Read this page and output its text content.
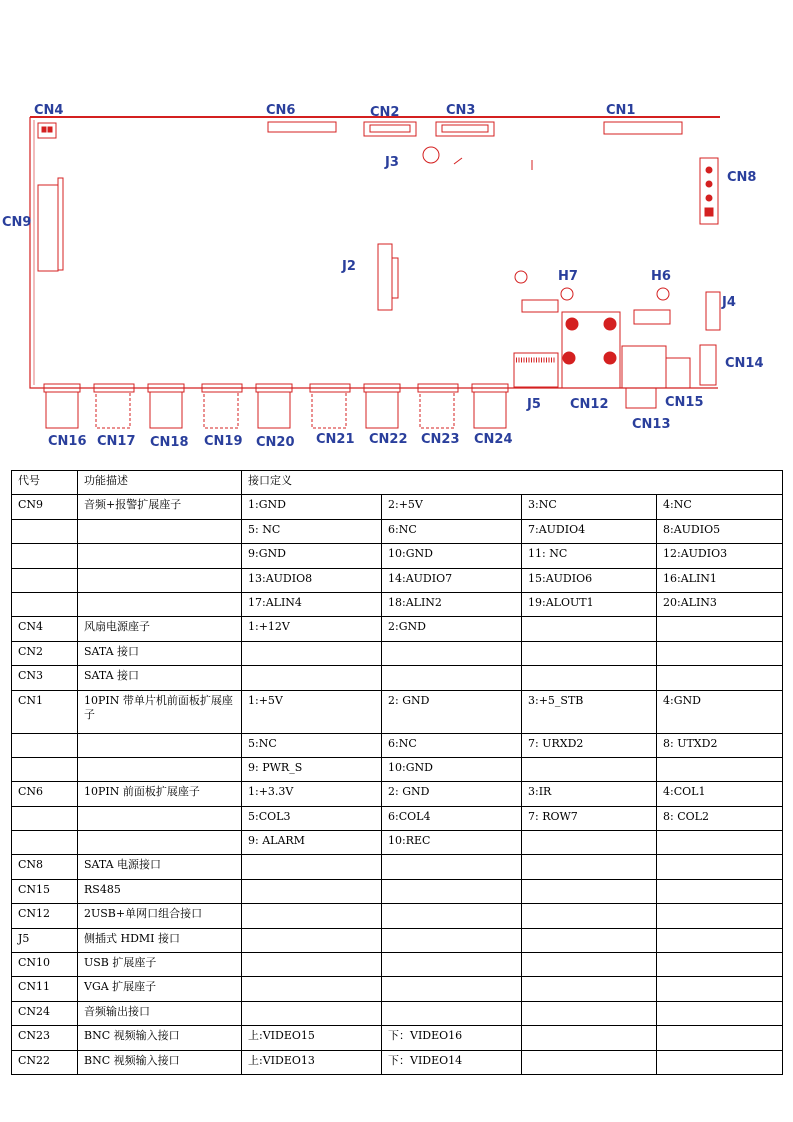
CN4	CN6	CN2	CN3	CN1
J3
CN8
CN9
J2
H7	H6
J4
CN14
J5 CN12	CN15
CN13
CN16 CN17 CN18 CN19 CN20 CN21 CN22 CN23 CN24
代号	功能描述	接口定义			
CN9	音频+报警扩展座子	1:GND	2:+5V	3:NC	4:NC
		5: NC	6:NC	7:AUDIO4	8:AUDIO5
		9:GND	10:GND	11: NC	12:AUDIO3
		13:AUDIO8	14:AUDIO7	15:AUDIO6	16:ALIN1
		17:ALIN4	18:ALIN2	19:ALOUT1	20:ALIN3
CN4	风扇电源座子	1:+12V	2:GND		
CN2	SATA 接口				
CN3	SATA 接口				
CN1	10PIN 带单片机前面板扩展座子	1:+5V	2: GND	3:+5_STB	4:GND
		5:NC	6:NC	7: URXD2	8: UTXD2
		9: PWR_S	10:GND		
CN6	10PIN 前面板扩展座子	1:+3.3V	2: GND	3:IR	4:COL1
		5:COL3	6:COL4	7: ROW7	8: COL2
		9: ALARM	10:REC		
CN8	SATA 电源接口				
CN15	RS485				
CN12	2USB+单网口组合接口				
J5	侧插式 HDMI 接口				
CN10	USB 扩展座子				
CN11	VGA 扩展座子				
CN24	音频输出接口				
CN23	BNC 视频输入接口	上:VIDEO15	下：VIDEO16		
CN22	BNC 视频输入接口	上:VIDEO13	下：VIDEO14		
